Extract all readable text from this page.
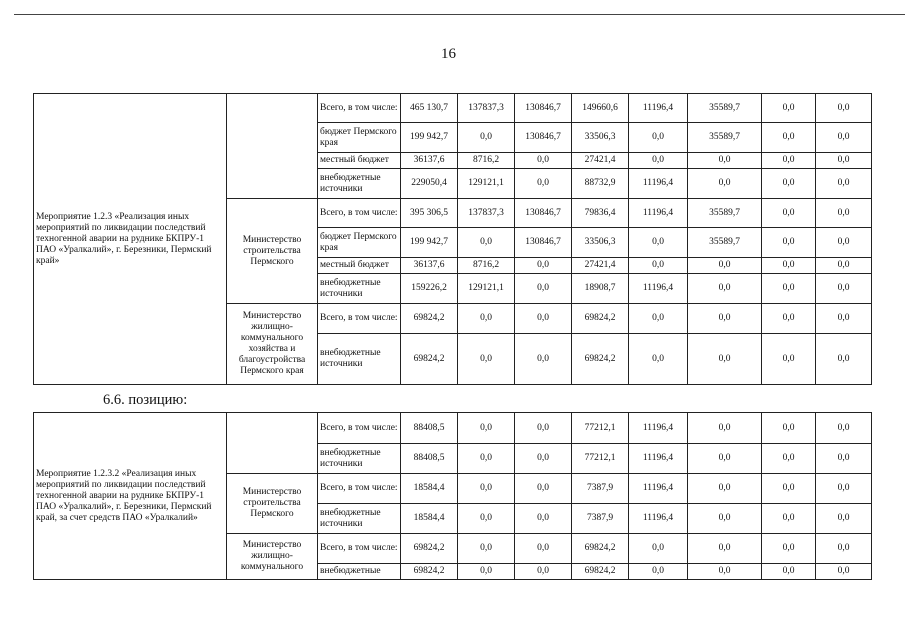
16
Мероприятие 1.2.3 «Реализация иных мероприятий по ликвидации последствий техногенной аварии на руднике БКПРУ-1 ПАО «Уралкалий», г. Березники, Пермский край»		Всего, в том числе:	465 130,7	137837,3	130846,7	149660,6	11196,4	35589,7	0,0	0,0
		бюджет Пермского края	199 942,7	0,0	130846,7	33506,3	0,0	35589,7	0,0	0,0
		местный бюджет	36137,6	8716,2	0,0	27421,4	0,0	0,0	0,0	0,0
		внебюджетные источники	229050,4	129121,1	0,0	88732,9	11196,4	0,0	0,0	0,0
	Министерство строительства Пермского	Всего, в том числе:	395 306,5	137837,3	130846,7	79836,4	11196,4	35589,7	0,0	0,0
		бюджет Пермского края	199 942,7	0,0	130846,7	33506,3	0,0	35589,7	0,0	0,0
		местный бюджет	36137,6	8716,2	0,0	27421,4	0,0	0,0	0,0	0,0
		внебюджетные источники	159226,2	129121,1	0,0	18908,7	11196,4	0,0	0,0	0,0
	Министерство жилищно-коммунального хозяйства и благоустройства Пермского края	Всего, в том числе:	69824,2	0,0	0,0	69824,2	0,0	0,0	0,0	0,0
		внебюджетные источники	69824,2	0,0	0,0	69824,2	0,0	0,0	0,0	0,0
6.6. позицию:
Мероприятие 1.2.3.2 «Реализация иных мероприятий по ликвидации последствий техногенной аварии на руднике БКПРУ-1 ПАО «Уралкалий», г. Березники, Пермский край, за счет средств ПАО «Уралкалий»		Всего, в том числе:	88408,5	0,0	0,0	77212,1	11196,4	0,0	0,0	0,0
		внебюджетные источники	88408,5	0,0	0,0	77212,1	11196,4	0,0	0,0	0,0
	Министерство строительства Пермского	Всего, в том числе:	18584,4	0,0	0,0	7387,9	11196,4	0,0	0,0	0,0
		внебюджетные источники	18584,4	0,0	0,0	7387,9	11196,4	0,0	0,0	0,0
	Министерство жилищно-коммунального	Всего, в том числе:	69824,2	0,0	0,0	69824,2	0,0	0,0	0,0	0,0
		внебюджетные	69824,2	0,0	0,0	69824,2	0,0	0,0	0,0	0,0
